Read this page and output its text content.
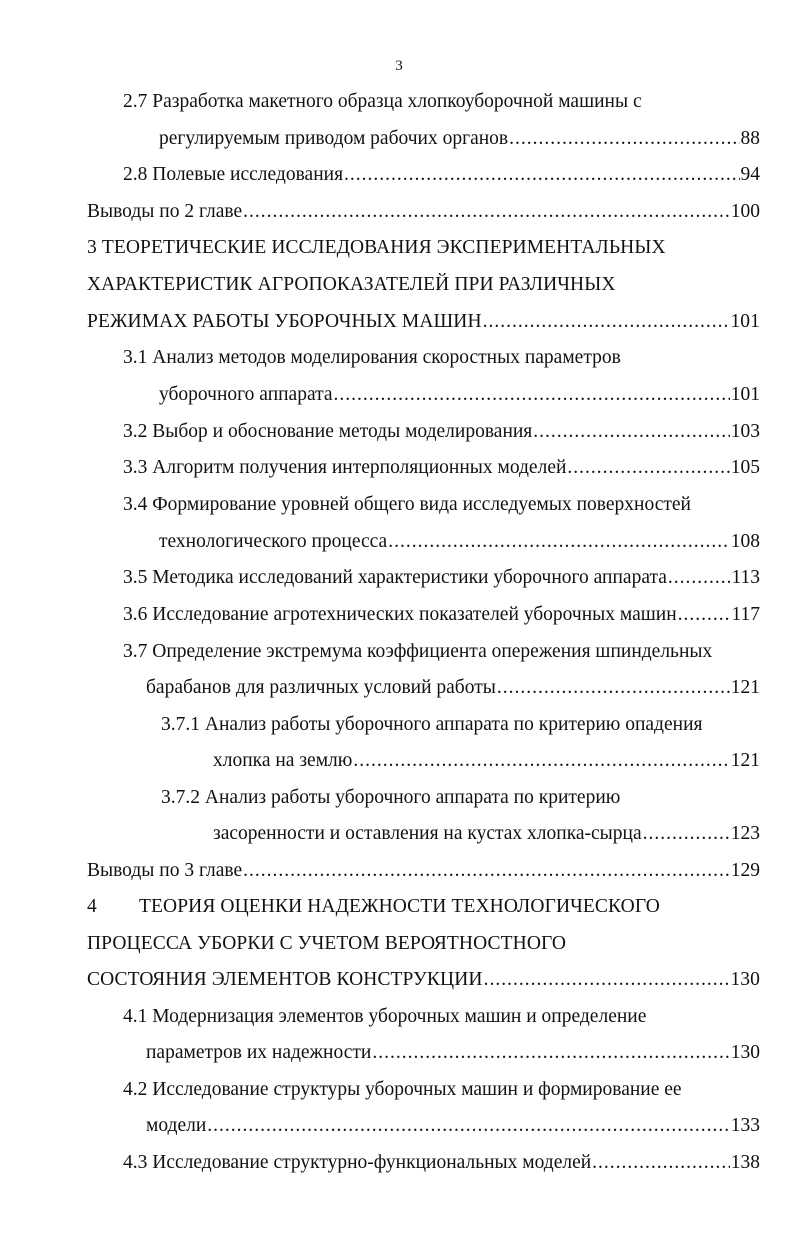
3
2.7 Разработка макетного образца хлопкоуборочной машины с
регулируемым приводом рабочих органов .....	88
2.8 Полевые исследования .....	94
Выводы по 2 главе .....	100
3 ТЕОРЕТИЧЕСКИЕ ИССЛЕДОВАНИЯ ЭКСПЕРИМЕНТАЛЬНЫХ
ХАРАКТЕРИСТИК АГРОПОКАЗАТЕЛЕЙ ПРИ РАЗЛИЧНЫХ
РЕЖИМАХ РАБОТЫ УБОРОЧНЫХ МАШИН .....	101
3.1 Анализ методов моделирования скоростных параметров
уборочного аппарата .....	101
3.2 Выбор и обоснование методы моделирования .....	103
3.3 Алгоритм получения интерполяционных моделей .....	105
3.4 Формирование уровней общего вида исследуемых поверхностей
технологического процесса .....	108
3.5 Методика исследований характеристики уборочного аппарата .....	113
3.6 Исследование агротехнических показателей уборочных машин .....	117
3.7 Определение экстремума коэффициента опережения шпиндельных
барабанов для различных условий работы .....	121
3.7.1 Анализ работы уборочного аппарата по критерию опадения
хлопка на землю .....	121
3.7.2 Анализ работы уборочного аппарата по критерию
засоренности и оставления на кустах хлопка-сырца .....	123
Выводы по 3 главе .....	129
4 ТЕОРИЯ ОЦЕНКИ НАДЕЖНОСТИ ТЕХНОЛОГИЧЕСКОГО
ПРОЦЕССА УБОРКИ С УЧЕТОМ ВЕРОЯТНОСТНОГО
СОСТОЯНИЯ ЭЛЕМЕНТОВ КОНСТРУКЦИИ .....	130
4.1 Модернизация элементов уборочных машин и определение
параметров их надежности .....	130
4.2 Исследование структуры уборочных машин и формирование ее
модели .....	133
4.3 Исследование структурно-функциональных моделей .....	138
